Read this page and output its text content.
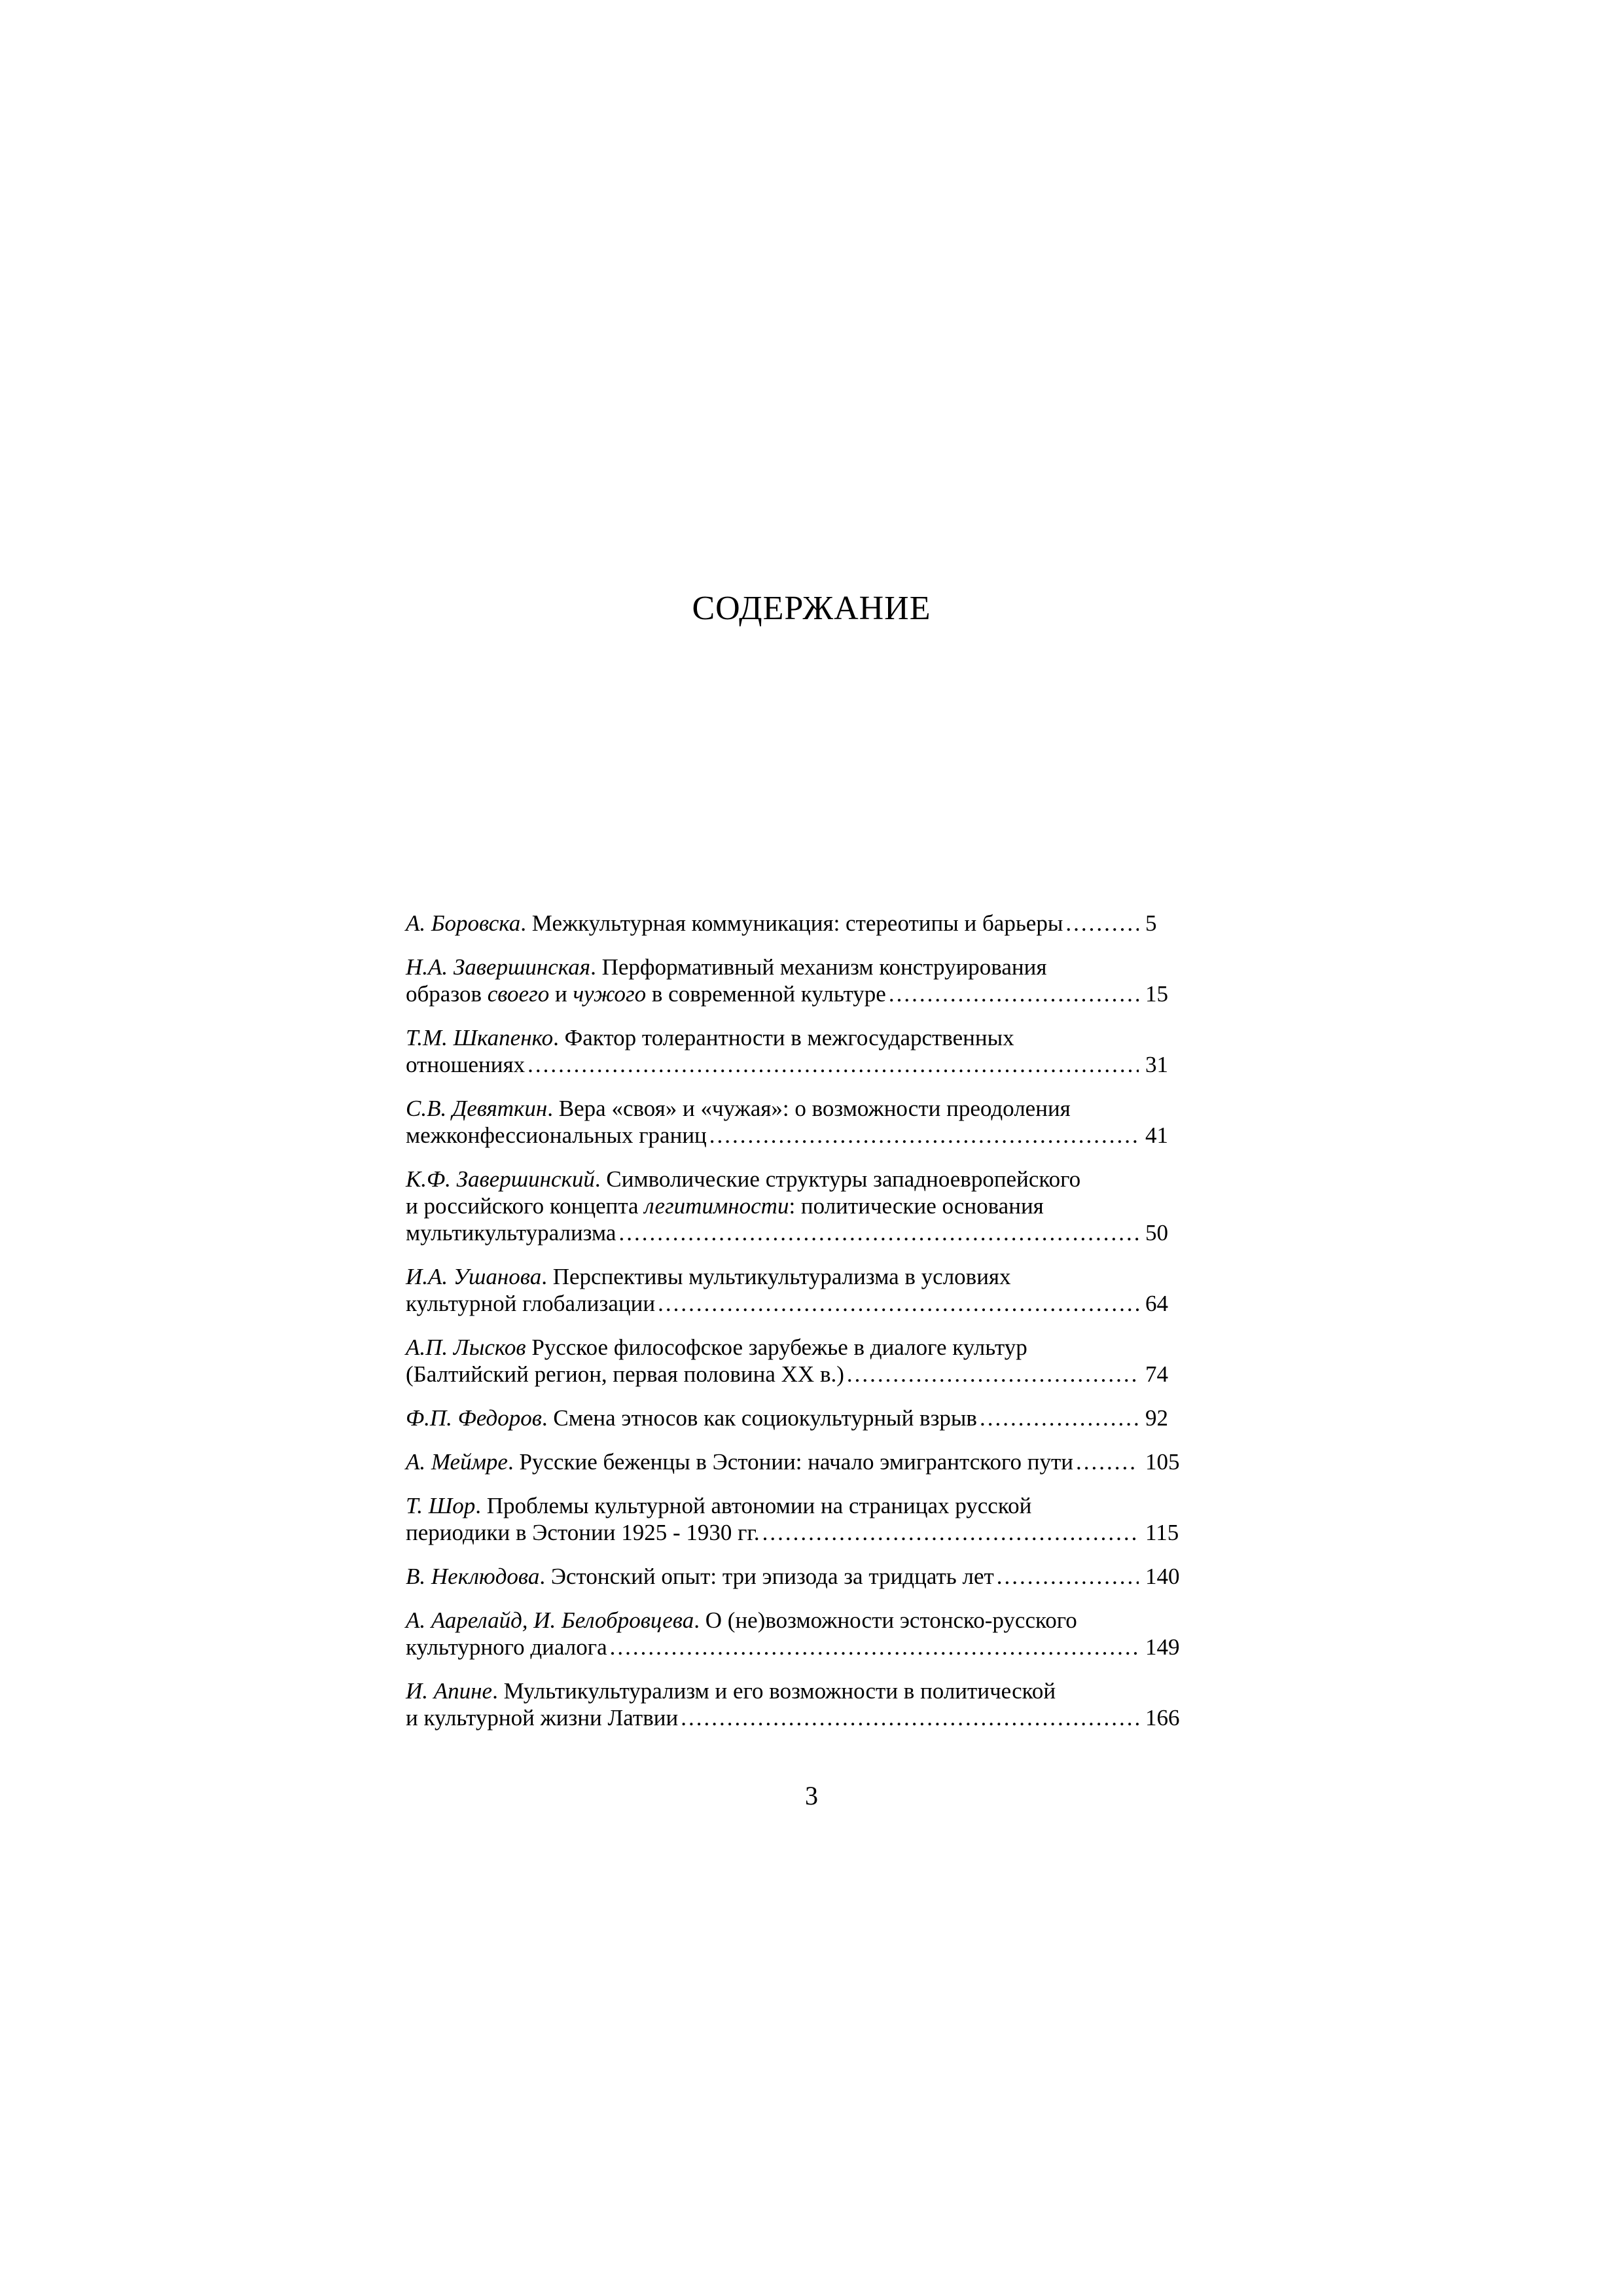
СОДЕРЖАНИЕ
А. Боровска. Межкультурная коммуникация: стереотипы и барьеры .....	5
Н.А. Завершинская. Перформативный механизм конструирования
образов своего и чужого в современной культуре .....	15
Т.М. Шкапенко. Фактор толерантности в межгосударственных
отношениях .....	31
С.В. Девяткин. Вера «своя» и «чужая»: о возможности преодоления
межконфессиональных границ .....	41
К.Ф. Завершинский. Символические структуры западноевропейского
и российского концепта легитимности: политические основания
мультикультурализма .....	50
И.А. Ушанова. Перспективы мультикультурализма в условиях
культурной глобализации .....	64
А.П. Лысков Русское философское зарубежье в диалоге культур
(Балтийский регион, первая половина XX в.) .....	74
Ф.П. Федоров. Смена этносов как социокультурный взрыв .....	92
А. Меймре. Русские беженцы в Эстонии: начало эмигрантского пути .....	105
Т. Шор. Проблемы культурной автономии на страницах русской
периодики в Эстонии 1925 - 1930 гг. .....	115
В. Неклюдова. Эстонский опыт: три эпизода за тридцать лет .....	140
А. Аарелайд, И. Белобровцева. О (не)возможности эстонско-русского
культурного диалога .....	149
И. Апине. Мультикультурализм и его возможности в политической
и культурной жизни Латвии .....	166
3
